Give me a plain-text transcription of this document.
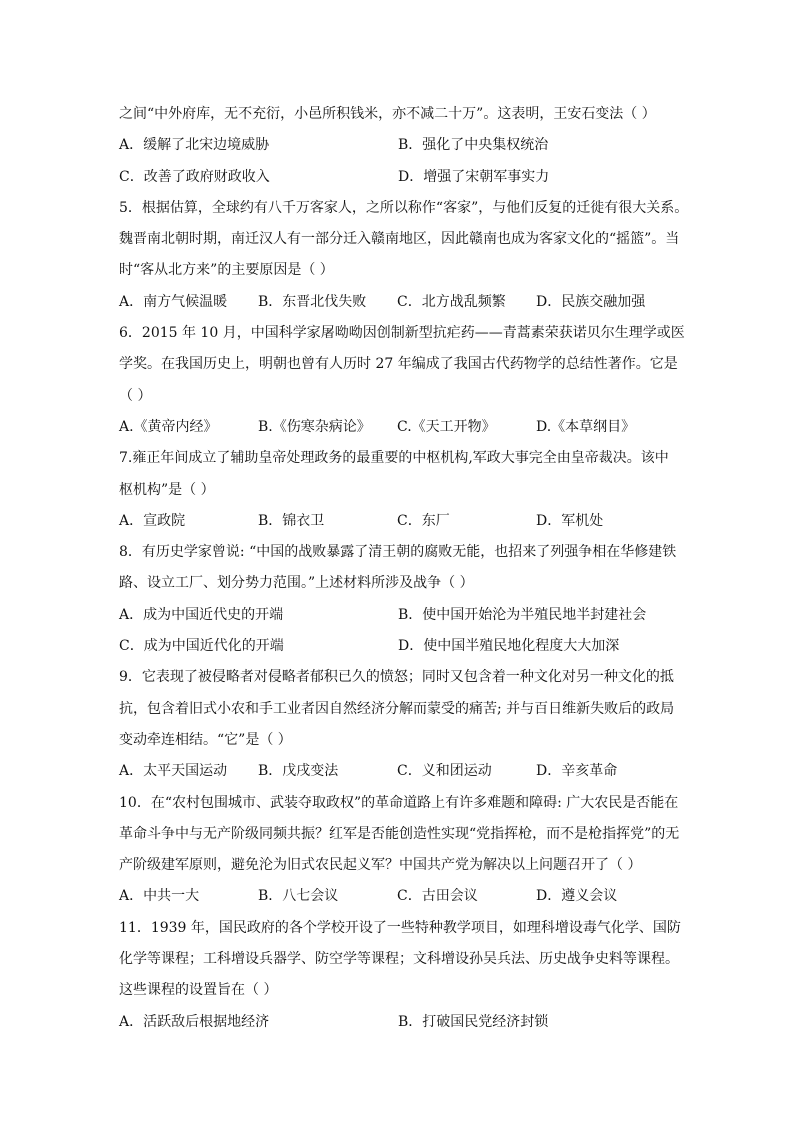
之间“中外府库，无不充衍，小邑所积钱米，亦不减二十万”。这表明，王安石变法（ ）
A．缓解了北宋边境威胁	B．强化了中央集权统治
C．改善了政府财政收入	D．增强了宋朝军事实力
5．根据估算，全球约有八千万客家人，之所以称作“客家”，与他们反复的迁徙有很大关系。
魏晋南北朝时期，南迁汉人有一部分迁入赣南地区，因此赣南也成为客家文化的“摇篮”。当
时“客从北方来”的主要原因是（ ）
A．南方气候温暖	B．东晋北伐失败	C．北方战乱频繁	D．民族交融加强
6．2015 年 10 月，中国科学家屠呦呦因创制新型抗疟药——青蒿素荣获诺贝尔生理学或医
学奖。在我国历史上，明朝也曾有人历时 27 年编成了我国古代药物学的总结性著作。它是
（ ）
A.《黄帝内经》	B.《伤寒杂病论》	C.《天工开物》	D.《本草纲目》
7.雍正年间成立了辅助皇帝处理政务的最重要的中枢机构,军政大事完全由皇帝裁决。该中
枢机构”是（ ）
A．宣政院	B．锦衣卫	C．东厂	D．军机处
8．有历史学家曾说: “中国的战败暴露了清王朝的腐败无能，也招来了列强争相在华修建铁
路、设立工厂、划分势力范围。”上述材料所涉及战争（ ）
A．成为中国近代史的开端	B．使中国开始沦为半殖民地半封建社会
C．成为中国近代化的开端	D．使中国半殖民地化程度大大加深
9．它表现了被侵略者对侵略者郁积已久的愤怒；同时又包含着一种文化对另一种文化的抵
抗，包含着旧式小农和手工业者因自然经济分解而蒙受的痛苦; 并与百日维新失败后的政局
变动牵连相结。“它”是（ ）
A．太平天国运动	B．戊戌变法	C．义和团运动	D．辛亥革命
10．在“农村包围城市、武装夺取政权”的革命道路上有许多难题和障碍: 广大农民是否能在
革命斗争中与无产阶级同频共振？红军是否能创造性实现“党指挥枪，而不是枪指挥党”的无
产阶级建军原则，避免沦为旧式农民起义军？中国共产党为解决以上问题召开了（ ）
A．中共一大	B．八七会议	C．古田会议	D．遵义会议
11．1939 年，国民政府的各个学校开设了一些特种教学项目，如理科增设毒气化学、国防
化学等课程；工科增设兵器学、防空学等课程；文科增设孙吴兵法、历史战争史料等课程。
这些课程的设置旨在（ ）
A．活跃敌后根据地经济	B．打破国民党经济封锁
